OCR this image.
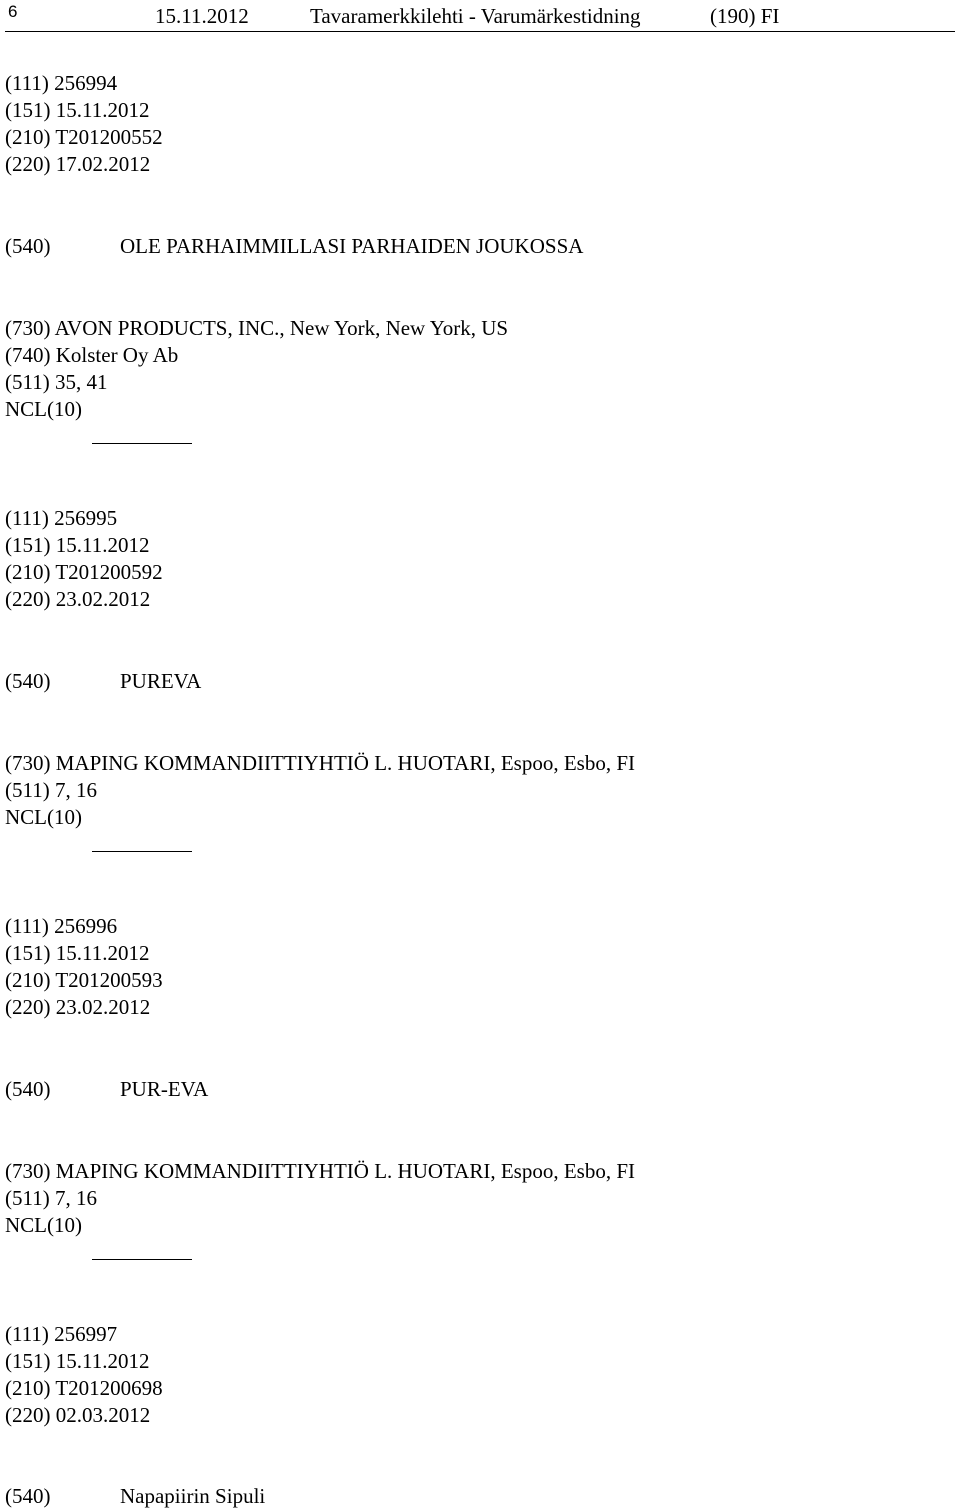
6	15.11.2012	Tavaramerkkilehti - Varumärkestidning	(190) FI
(111) 256994
(151) 15.11.2012
(210) T201200552
(220) 17.02.2012
(540)	OLE PARHAIMMILLASI PARHAIDEN JOUKOSSA
(730) AVON PRODUCTS, INC., New York, New York, US
(740) Kolster Oy Ab
(511) 35, 41
NCL(10)
(111) 256995
(151) 15.11.2012
(210) T201200592
(220) 23.02.2012
(540)	PUREVA
(730) MAPING KOMMANDIITTIYHTIÖ L. HUOTARI, Espoo, Esbo, FI
(511) 7, 16
NCL(10)
(111) 256996
(151) 15.11.2012
(210) T201200593
(220) 23.02.2012
(540)	PUR-EVA
(730) MAPING KOMMANDIITTIYHTIÖ L. HUOTARI, Espoo, Esbo, FI
(511) 7, 16
NCL(10)
(111) 256997
(151) 15.11.2012
(210) T201200698
(220) 02.03.2012
(540)	Napapiirin Sipuli
